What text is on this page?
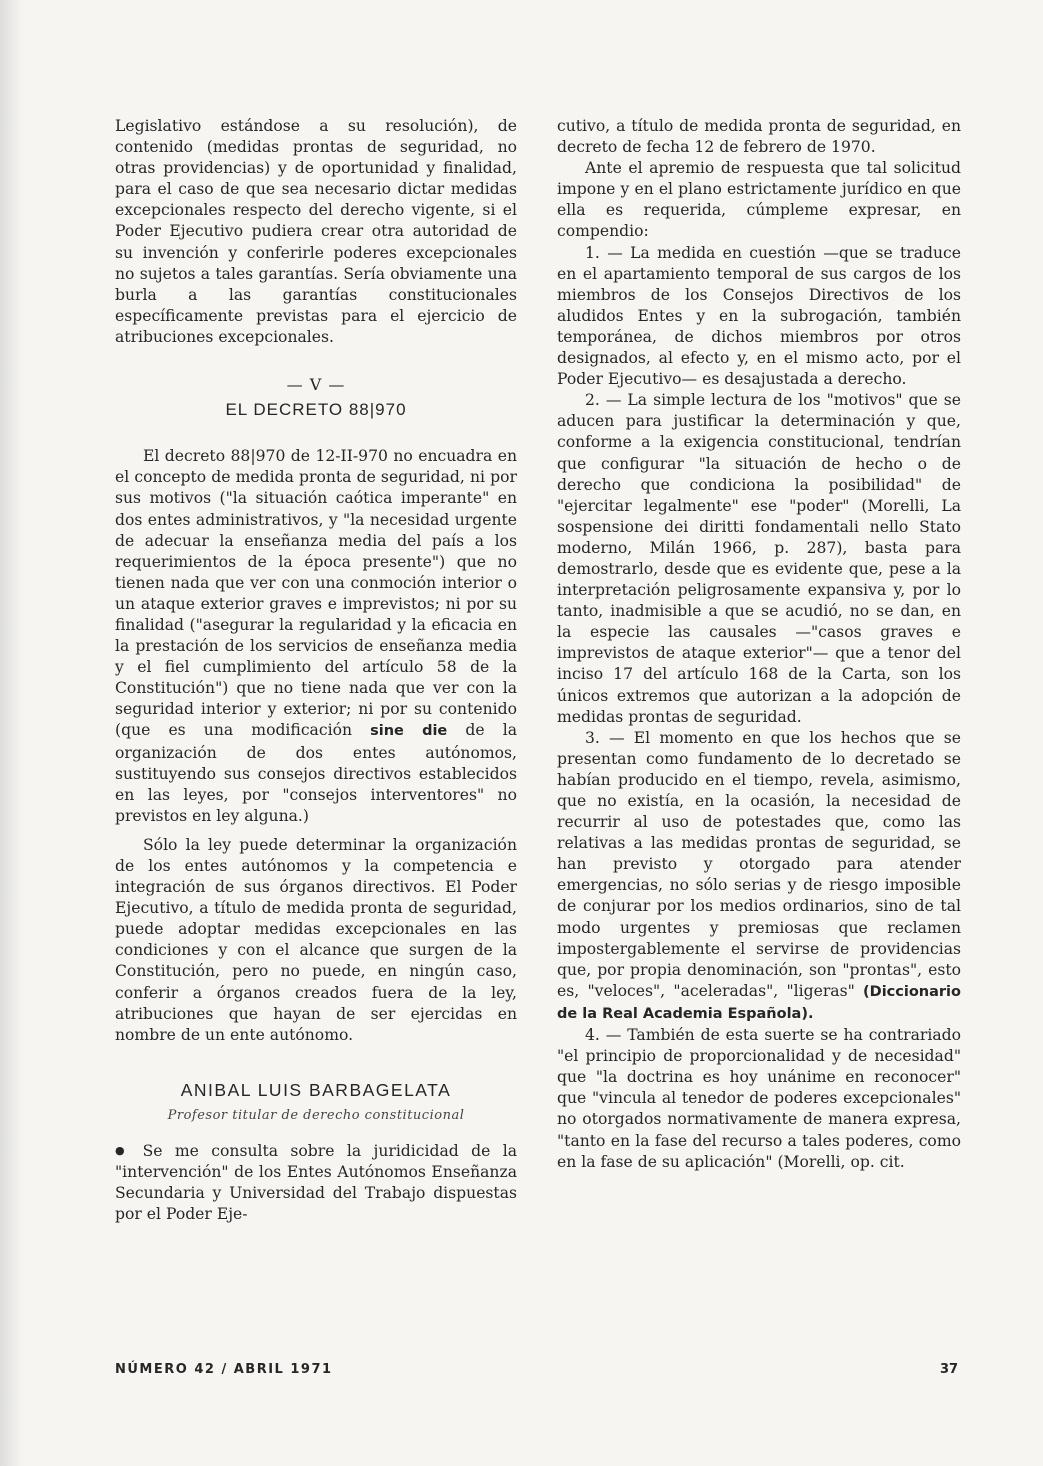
Legislativo estándose a su resolución), de contenido (medidas prontas de seguridad, no otras providencias) y de oportunidad y finalidad, para el caso de que sea necesario dictar medidas excepcionales respecto del derecho vigente, si el Poder Ejecutivo pudiera crear otra autoridad de su invención y conferirle poderes excepcionales no sujetos a tales garantías. Sería obviamente una burla a las garantías constitucionales específicamente previstas para el ejercicio de atribuciones excepcionales.

— V —
EL DECRETO 88|970

El decreto 88|970 de 12-II-970 no encuadra en el concepto de medida pronta de seguridad, ni por sus motivos ("la situación caótica imperante" en dos entes administrativos, y "la necesidad urgente de adecuar la enseñanza media del país a los requerimientos de la época presente") que no tienen nada que ver con una conmoción interior o un ataque exterior graves e imprevistos; ni por su finalidad ("asegurar la regularidad y la eficacia en la prestación de los servicios de enseñanza media y el fiel cumplimiento del artículo 58 de la Constitución") que no tiene nada que ver con la seguridad interior y exterior; ni por su contenido (que es una modificación sine die de la organización de dos entes autónomos, sustituyendo sus consejos directivos establecidos en las leyes, por "consejos interventores" no previstos en ley alguna.)

Sólo la ley puede determinar la organización de los entes autónomos y la competencia e integración de sus órganos directivos. El Poder Ejecutivo, a título de medida pronta de seguridad, puede adoptar medidas excepcionales en las condiciones y con el alcance que surgen de la Constitución, pero no puede, en ningún caso, conferir a órganos creados fuera de la ley, atribuciones que hayan de ser ejercidas en nombre de un ente autónomo.

ANIBAL LUIS BARBAGELATA
Profesor titular de derecho constitucional

● Se me consulta sobre la juridicidad de la "intervención" de los Entes Autónomos Enseñanza Secundaria y Universidad del Trabajo dispuestas por el Poder Eje-

cutivo, a título de medida pronta de seguridad, en decreto de fecha 12 de febrero de 1970.

Ante el apremio de respuesta que tal solicitud impone y en el plano estrictamente jurídico en que ella es requerida, cúmpleme expresar, en compendio:

1. — La medida en cuestión —que se traduce en el apartamiento temporal de sus cargos de los miembros de los Consejos Directivos de los aludidos Entes y en la subrogación, también temporánea, de dichos miembros por otros designados, al efecto y, en el mismo acto, por el Poder Ejecutivo— es desajustada a derecho.

2. — La simple lectura de los "motivos" que se aducen para justificar la determinación y que, conforme a la exigencia constitucional, tendrían que configurar "la situación de hecho o de derecho que condiciona la posibilidad" de "ejercitar legalmente" ese "poder" (Morelli, La sospensione dei diritti fondamentali nello Stato moderno, Milán 1966, p. 287), basta para demostrarlo, desde que es evidente que, pese a la interpretación peligrosamente expansiva y, por lo tanto, inadmisible a que se acudió, no se dan, en la especie las causales —"casos graves e imprevistos de ataque exterior"— que a tenor del inciso 17 del artículo 168 de la Carta, son los únicos extremos que autorizan a la adopción de medidas prontas de seguridad.

3. — El momento en que los hechos que se presentan como fundamento de lo decretado se habían producido en el tiempo, revela, asimismo, que no existía, en la ocasión, la necesidad de recurrir al uso de potestades que, como las relativas a las medidas prontas de seguridad, se han previsto y otorgado para atender emergencias, no sólo serias y de riesgo imposible de conjurar por los medios ordinarios, sino de tal modo urgentes y premiosas que reclamen impostergablemente el servirse de providencias que, por propia denominación, son "prontas", esto es, "veloces", "aceleradas", "ligeras" (Diccionario de la Real Academia Española).

4. — También de esta suerte se ha contrariado "el principio de proporcionalidad y de necesidad" que "la doctrina es hoy unánime en reconocer" que "vincula al tenedor de poderes excepcionales" no otorgados normativamente de manera expresa, "tanto en la fase del recurso a tales poderes, como en la fase de su aplicación" (Morelli, op. cit.

NÚMERO 42 / ABRIL 1971	37
